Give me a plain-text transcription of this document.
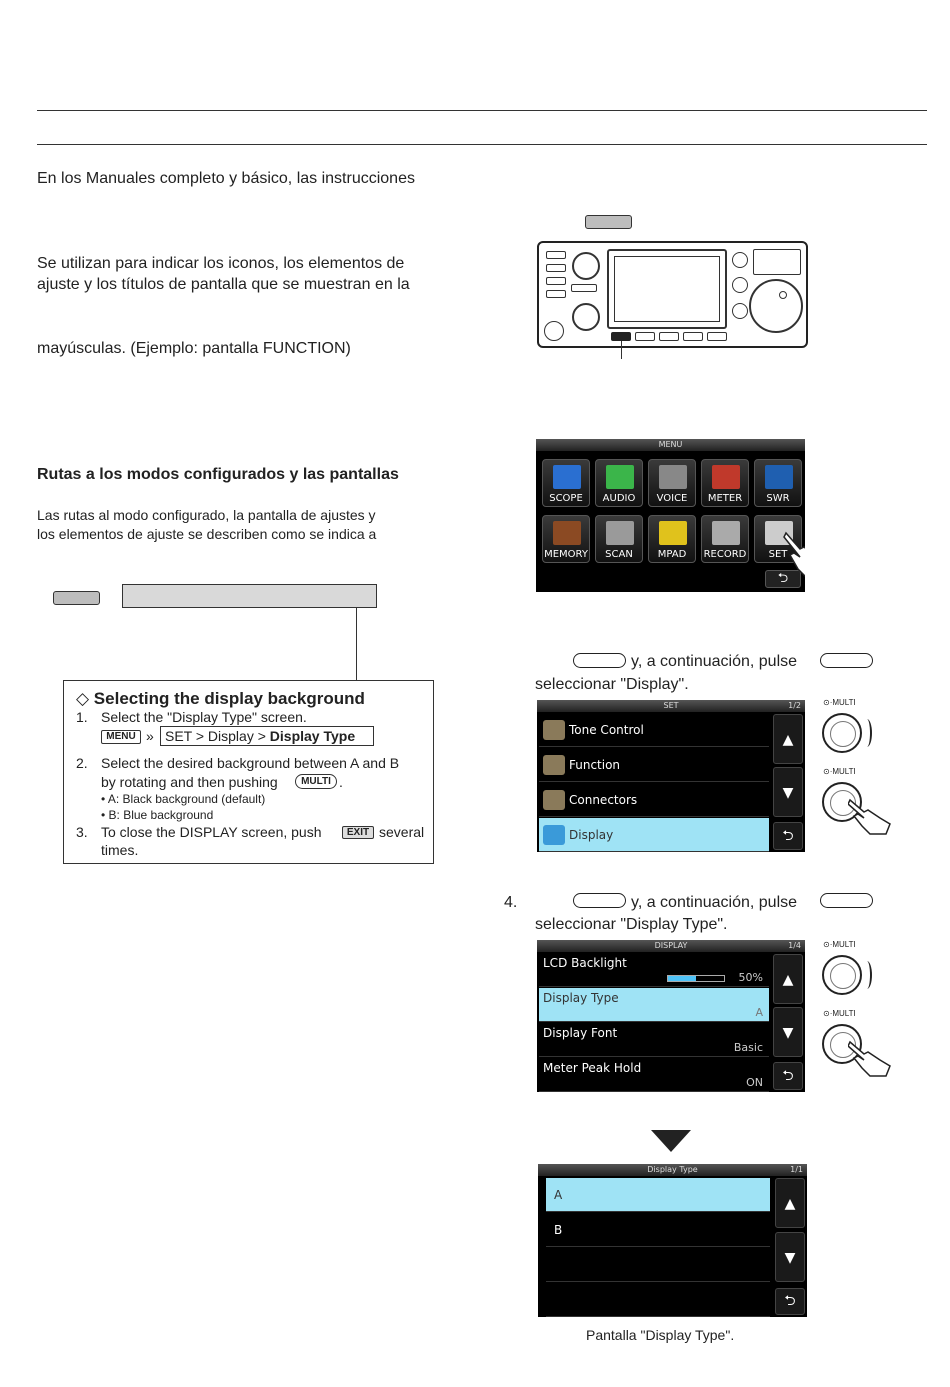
En los Manuales completo y básico, las instrucciones
Se utilizan para indicar los iconos, los elementos de
ajuste y los títulos de pantalla que se muestran en la
mayúsculas. (Ejemplo: pantalla FUNCTION)
Rutas a los modos configurados y las pantallas
Las rutas al modo configurado, la pantalla de ajustes y
los elementos de ajuste se describen como se indica a
◇ Selecting the display background
1. Select the "Display Type" screen.
MENU » SET > Display > Display Type
2. Select the desired background between A and B
by rotating and then pushing	MULTI .
• A: Black background (default)
• B: Blue background
3. To close the DISPLAY screen, push	EXIT several
times.
MENU
SCOPE	AUDIO	VOICE	METER	SWR
MEMORY	SCAN	MPAD	RECORD	SET
⮌
y, a continuación, pulse
seleccionar "Display".
SET	1/2
Tone Control
Function
Connectors
Display
▲
▼
⮌
⊙·MULTI
⊙·MULTI
4.	y, a continuación, pulse
seleccionar "Display Type".
DISPLAY	1/4
LCD Backlight
50%
Display Type
A
Display Font
Basic
Meter Peak Hold
ON
▲
▼
⮌
⊙·MULTI
⊙·MULTI
Display Type	1/1
A
B
▲
▼
⮌
Pantalla "Display Type".
